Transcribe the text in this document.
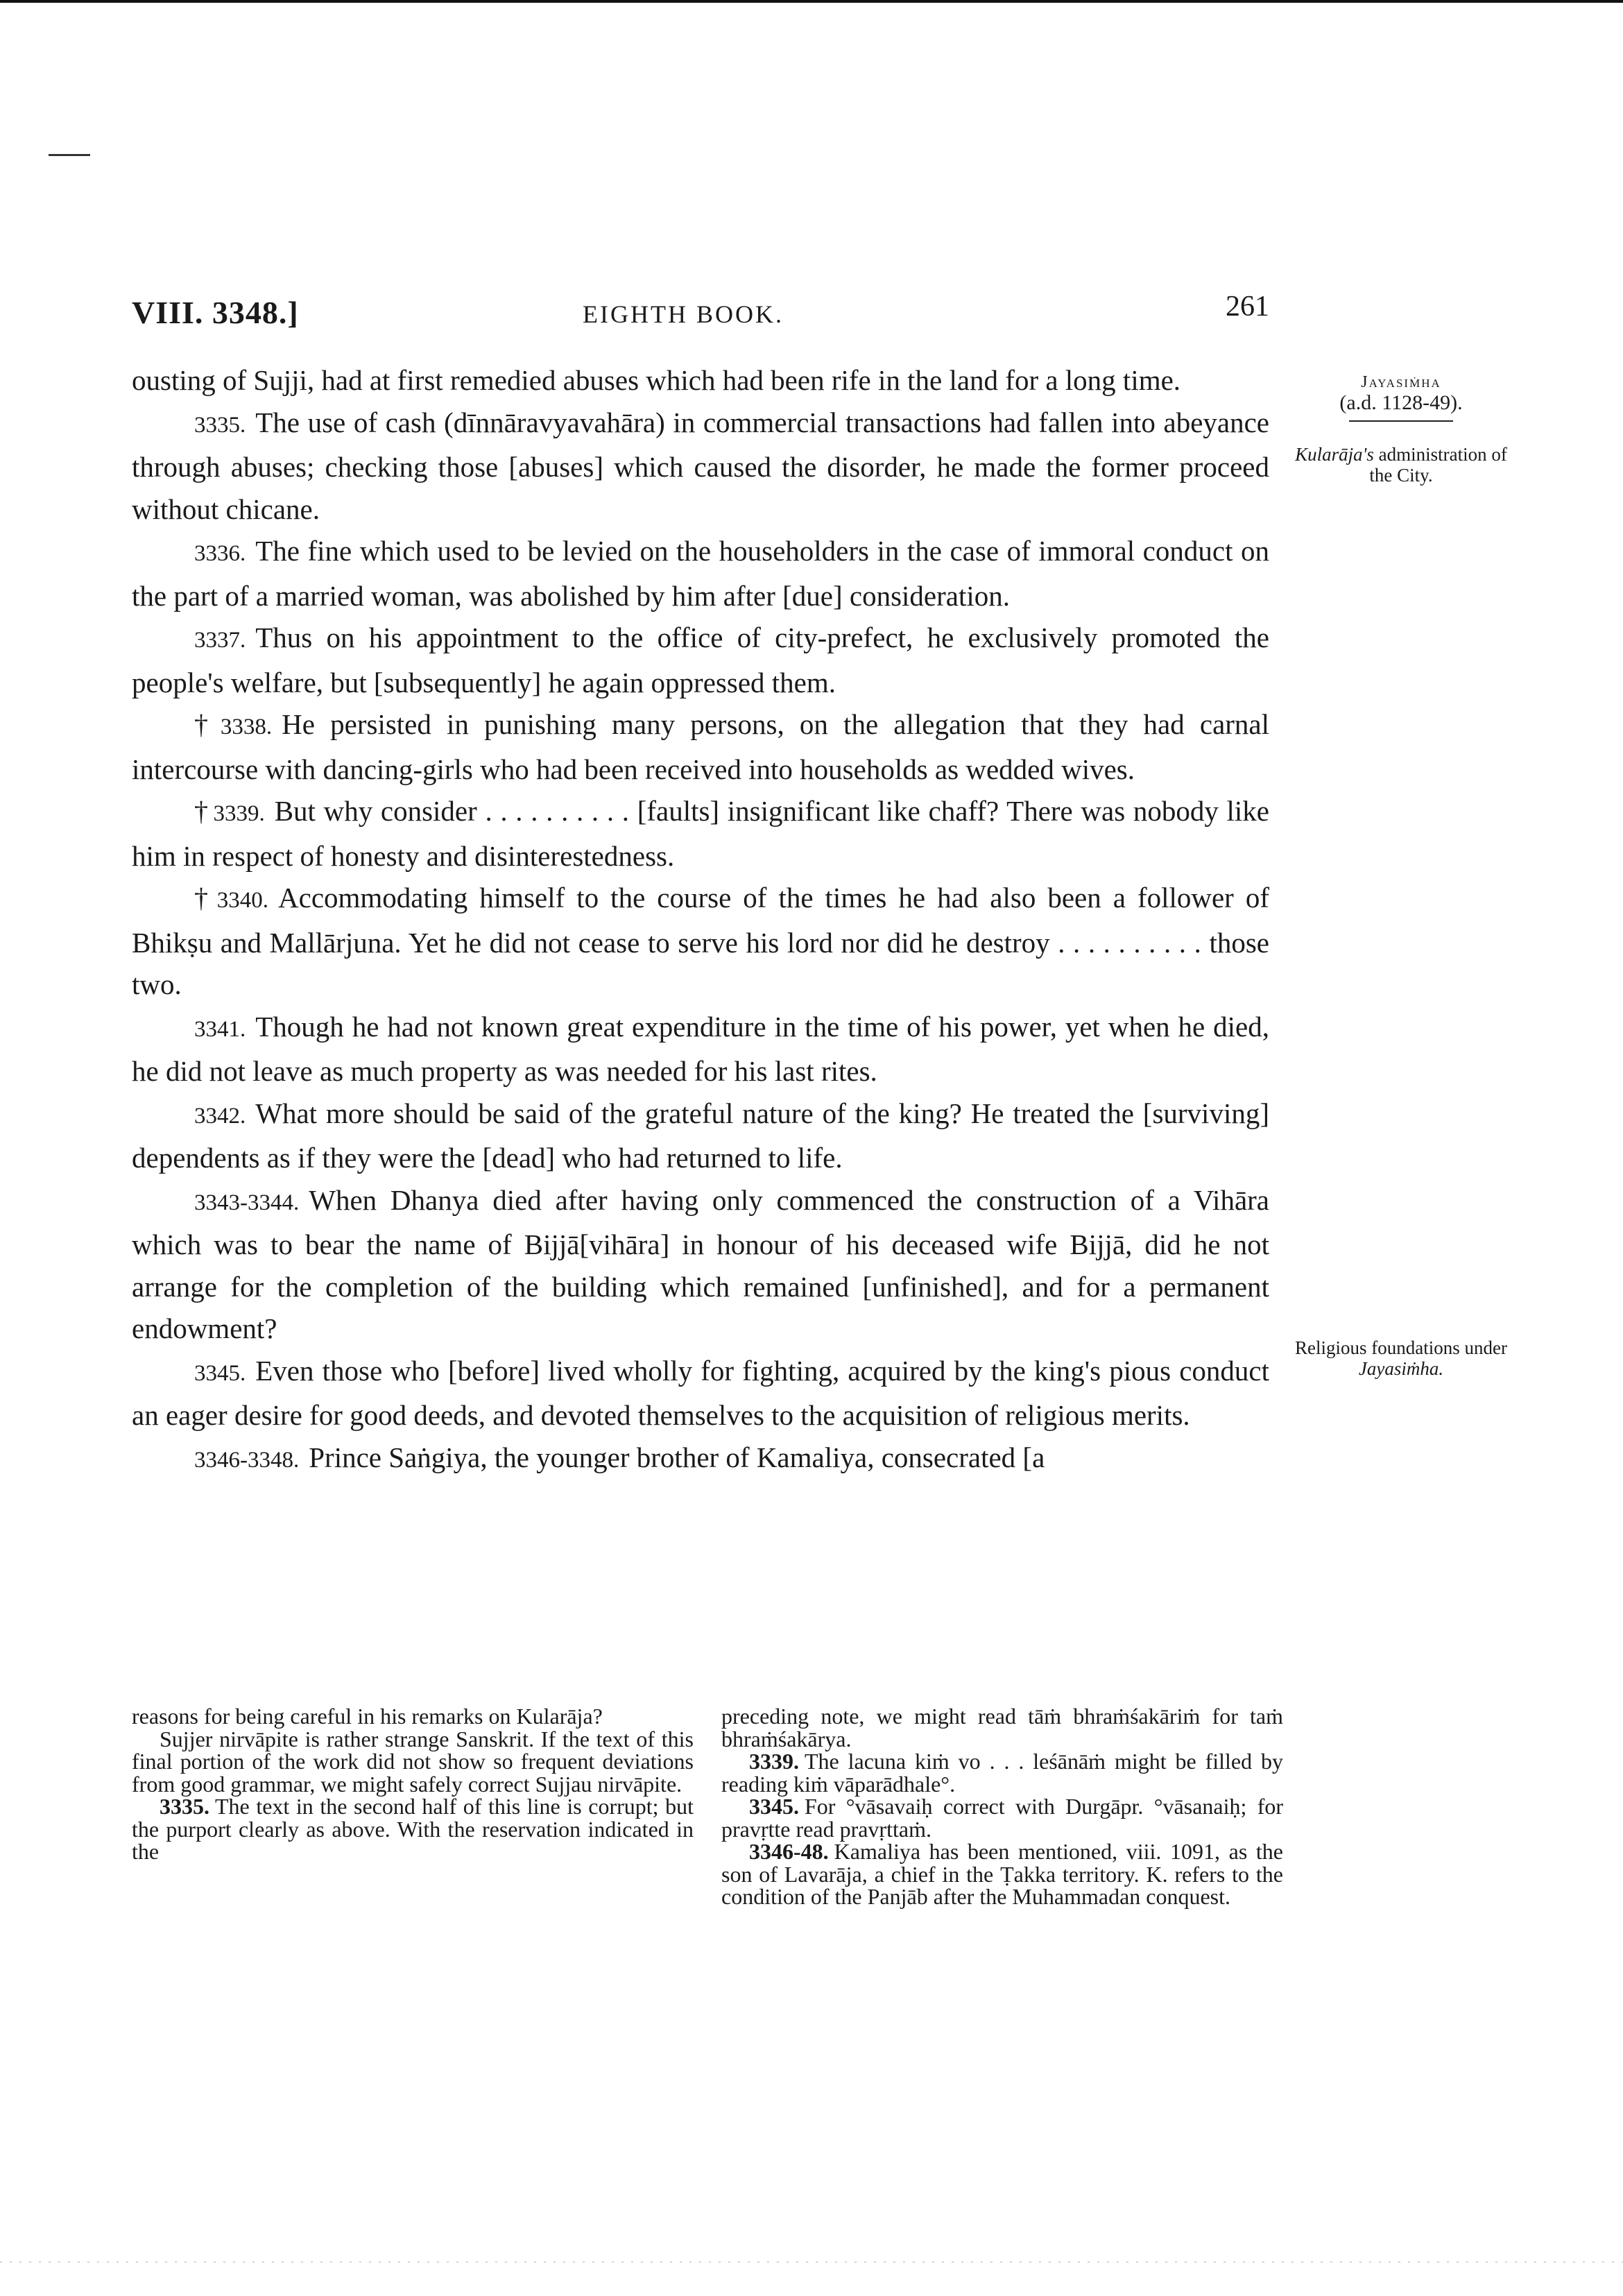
VIII. 3348.]	EIGHTH BOOK.	261
Jayasiṁha
(a.d. 1128-49).
Kularāja's administration of the City.
Religious foundations under Jayasiṁha.

ousting of Sujji, had at first remedied abuses which had been rife in the land for a long time.

3335. The use of cash (dīnnāravyavahāra) in commercial transactions had fallen into abeyance through abuses; checking those [abuses] which caused the disorder, he made the former proceed without chicane.

3336. The fine which used to be levied on the householders in the case of immoral conduct on the part of a married woman, was abolished by him after [due] consideration.

3337. Thus on his appointment to the office of city-prefect, he exclusively promoted the people's welfare, but [subsequently] he again oppressed them.

† 3338. He persisted in punishing many persons, on the allegation that they had carnal intercourse with dancing-girls who had been received into households as wedded wives.

† 3339. But why consider . . . . . . . . . . [faults] insignificant like chaff? There was nobody like him in respect of honesty and disinterestedness.

† 3340. Accommodating himself to the course of the times he had also been a follower of Bhikṣu and Mallārjuna. Yet he did not cease to serve his lord nor did he destroy . . . . . . . . . . those two.

3341. Though he had not known great expenditure in the time of his power, yet when he died, he did not leave as much property as was needed for his last rites.

3342. What more should be said of the grateful nature of the king? He treated the [surviving] dependents as if they were the [dead] who had returned to life.

3343-3344. When Dhanya died after having only commenced the construction of a Vihāra which was to bear the name of Bijjā[vihāra] in honour of his deceased wife Bijjā, did he not arrange for the completion of the building which remained [unfinished], and for a permanent endowment?

3345. Even those who [before] lived wholly for fighting, acquired by the king's pious conduct an eager desire for good deeds, and devoted themselves to the acquisition of religious merits.

3346-3348. Prince Saṅgiya, the younger brother of Kamaliya, consecrated [a

reasons for being careful in his remarks on Kularāja?

Sujjer nirvāpite is rather strange Sanskrit. If the text of this final portion of the work did not show so frequent deviations from good grammar, we might safely correct Sujjau nirvāpite.

3335. The text in the second half of this line is corrupt; but the purport clearly as above. With the reservation indicated in the

preceding note, we might read tāṁ bhraṁśakāriṁ for taṁ bhraṁśakārya.

3339. The lacuna kiṁ vo . . . leśānāṁ might be filled by reading kiṁ vāparādhale°.

3345. For °vāsavaiḥ correct with Durgāpr. °vāsanaiḥ; for pravṛtte read pravṛttaṁ.

3346-48. Kamaliya has been mentioned, viii. 1091, as the son of Lavarāja, a chief in the Ṭakka territory. K. refers to the condition of the Panjāb after the Muhammadan conquest.
